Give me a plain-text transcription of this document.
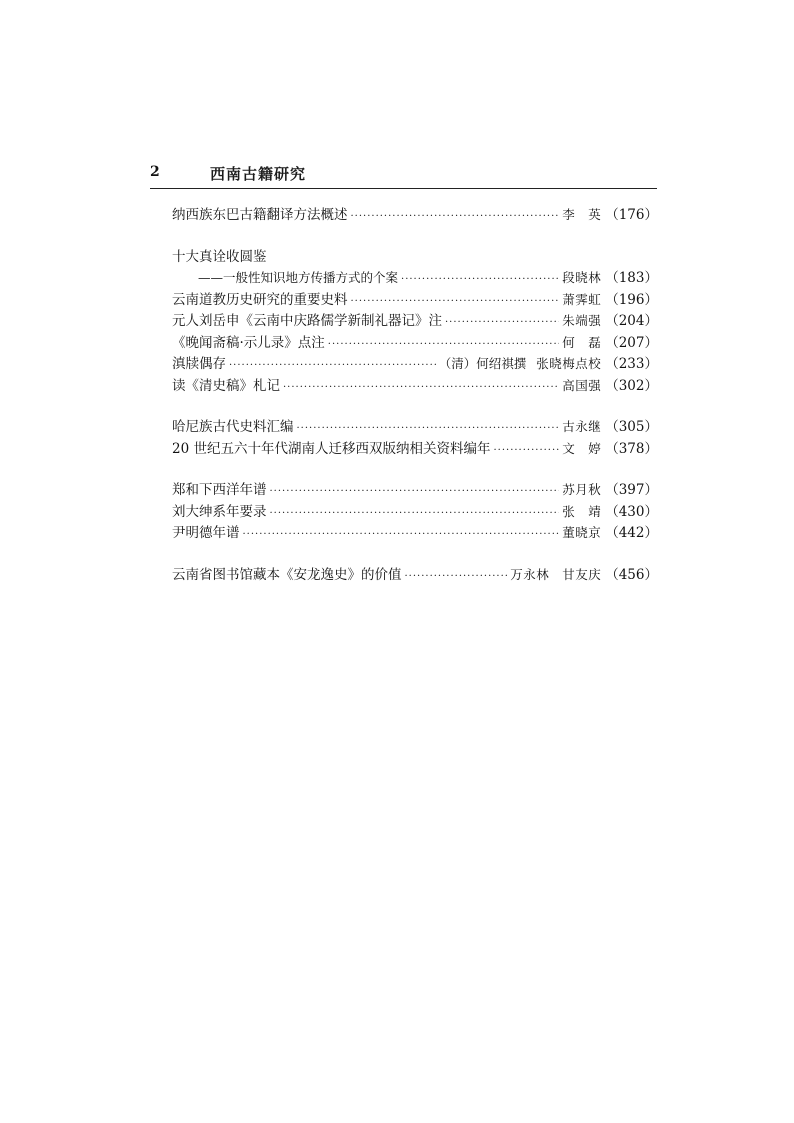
2	西南古籍研究
纳西族东巴古籍翻译方法概述 ·····	李　英 （176）
十大真诠收圆鉴
——一般性知识地方传播方式的个案 ·····	段晓林 （183）
云南道教历史研究的重要史料 ·····	萧霁虹 （196）
元人刘岳申《云南中庆路儒学新制礼器记》注 ·····	朱端强 （204）
《晚闻斋稿·示儿录》点注 ·····	何　磊 （207）
滇牍偶存 ·····	（清）何绍祺撰 张晓梅点校 （233）
读《清史稿》札记 ·····	高国强 （302）
哈尼族古代史料汇编 ·····	古永继 （305）
20 世纪五六十年代湖南人迁移西双版纳相关资料编年 ·····	文　婷 （378）
郑和下西洋年谱 ·····	苏月秋 （397）
刘大绅系年要录 ·····	张　靖 （430）
尹明德年谱 ·····	董晓京 （442）
云南省图书馆藏本《安龙逸史》的价值 ·····	万永林　甘友庆 （456）
